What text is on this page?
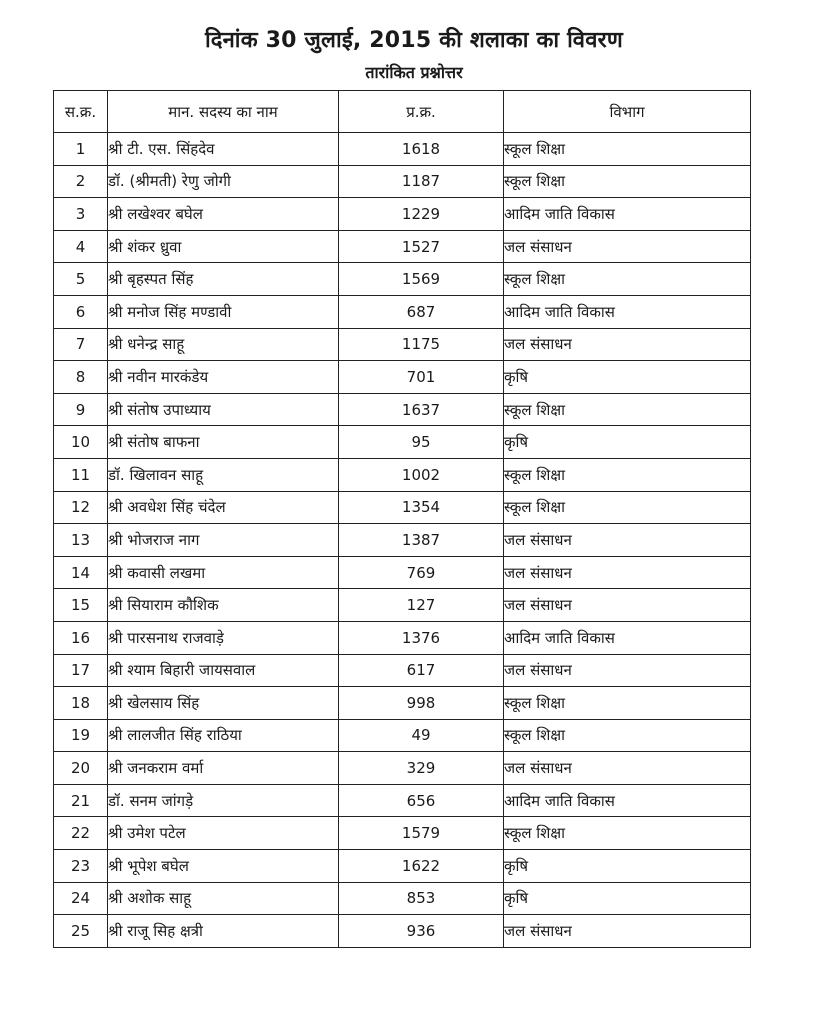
दिनांक 30 जुलाई, 2015 की शलाका का विवरण
तारांकित प्रश्नोत्तर
स.क्र.	मान. सदस्य का नाम	प्र.क्र.	विभाग
1	श्री टी. एस. सिंहदेव	1618	स्कूल शिक्षा
2	डॉ. (श्रीमती) रेणु जोगी	1187	स्कूल शिक्षा
3	श्री लखेश्वर बघेल	1229	आदिम जाति विकास
4	श्री शंकर ध्रुवा	1527	जल संसाधन
5	श्री बृहस्पत सिंह	1569	स्कूल शिक्षा
6	श्री मनोज सिंह मण्डावी	687	आदिम जाति विकास
7	श्री धनेन्द्र साहू	1175	जल संसाधन
8	श्री नवीन मारकंडेय	701	कृषि
9	श्री संतोष उपाध्याय	1637	स्कूल शिक्षा
10	श्री संतोष बाफना	95	कृषि
11	डॉ. खिलावन साहू	1002	स्कूल शिक्षा
12	श्री अवधेश सिंह चंदेल	1354	स्कूल शिक्षा
13	श्री भोजराज नाग	1387	जल संसाधन
14	श्री कवासी लखमा	769	जल संसाधन
15	श्री सियाराम कौशिक	127	जल संसाधन
16	श्री पारसनाथ राजवाड़े	1376	आदिम जाति विकास
17	श्री श्याम बिहारी जायसवाल	617	जल संसाधन
18	श्री खेलसाय सिंह	998	स्कूल शिक्षा
19	श्री लालजीत सिंह राठिया	49	स्कूल शिक्षा
20	श्री जनकराम वर्मा	329	जल संसाधन
21	डॉ. सनम जांगड़े	656	आदिम जाति विकास
22	श्री उमेश पटेल	1579	स्कूल शिक्षा
23	श्री भूपेश बघेल	1622	कृषि
24	श्री अशोक साहू	853	कृषि
25	श्री राजू सिह क्षत्री	936	जल संसाधन
